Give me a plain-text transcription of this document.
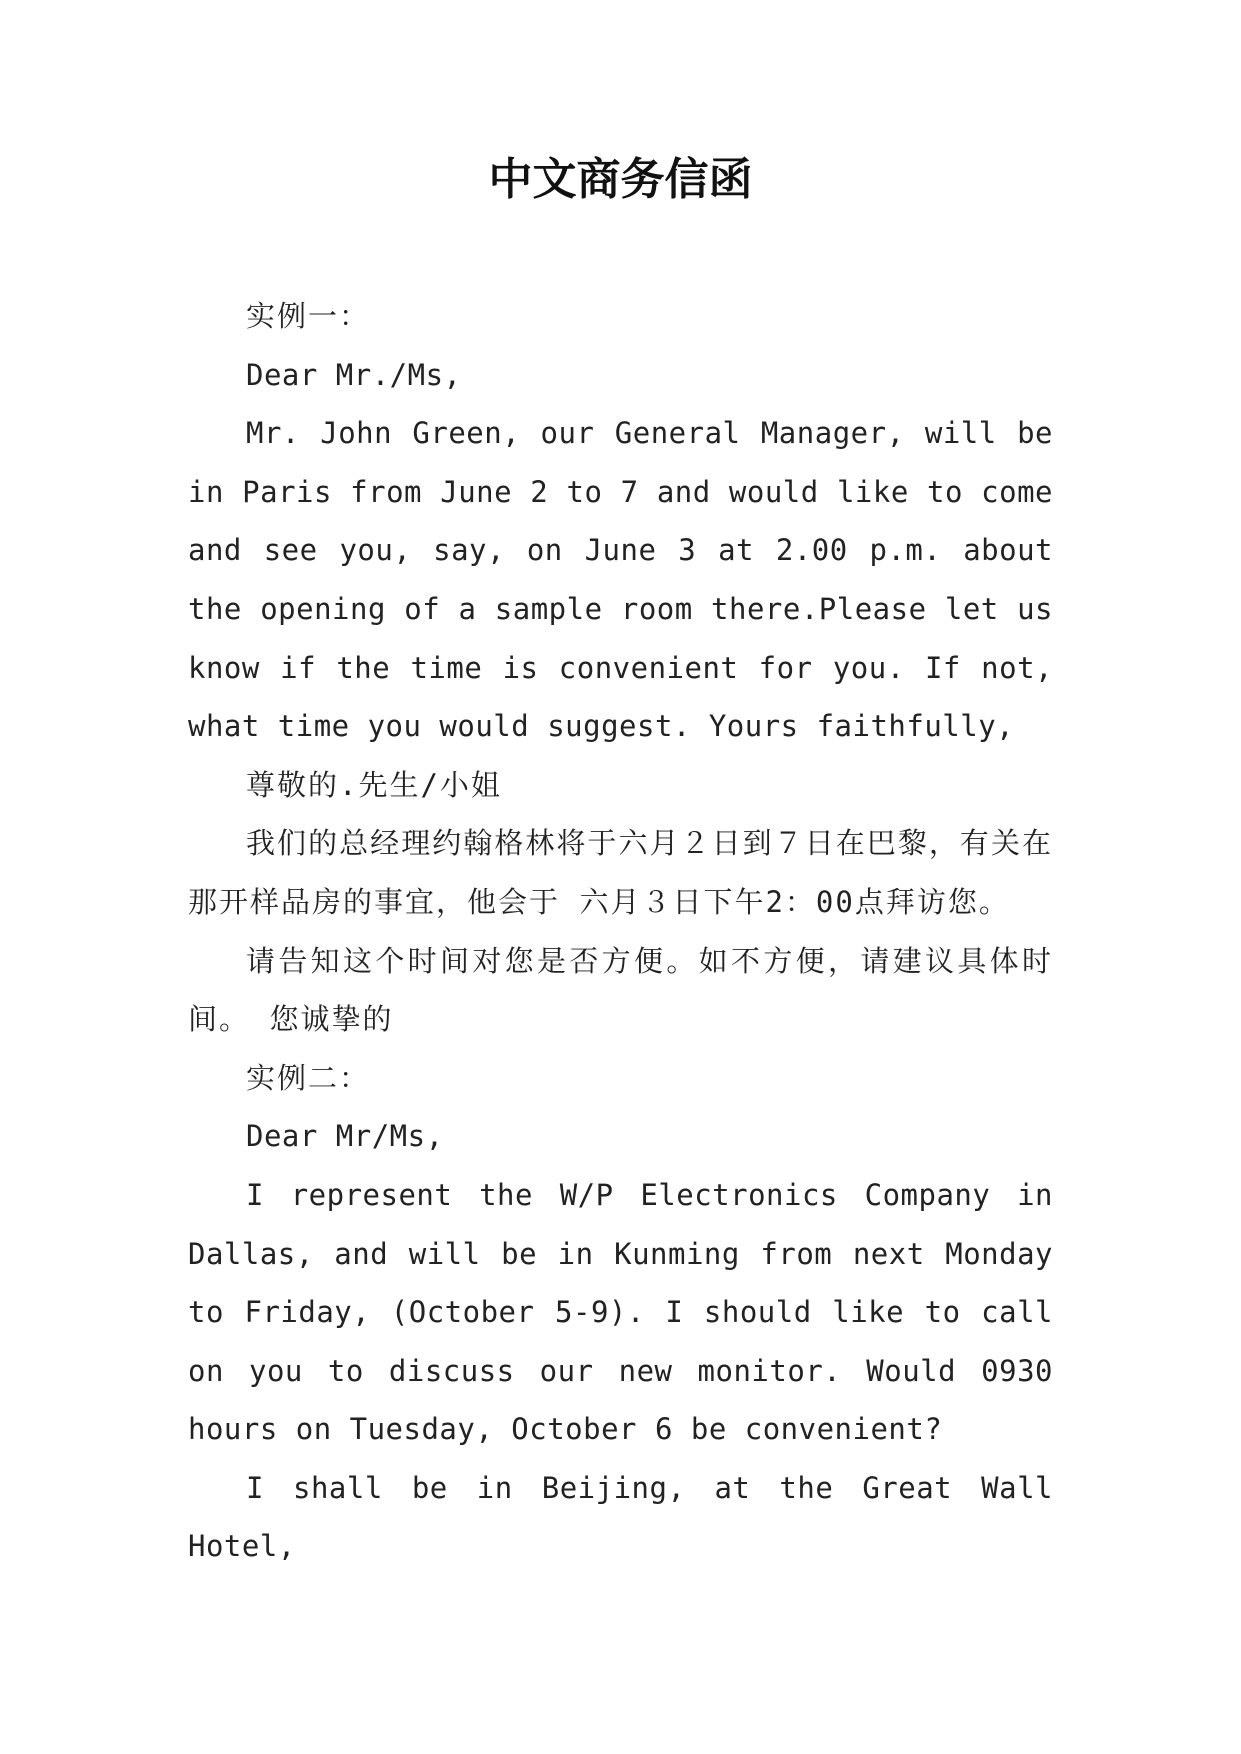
中文商务信函

实例一：

Dear Mr./Ms,

Mr. John Green, our General Manager, will be in Paris from June 2 to 7 and would like to come and see you, say, on June 3 at 2.00 p.m. about the opening of a sample room there.Please let us know if the time is convenient for you. If not, what time you would suggest. Yours faithfully,

尊敬的.先生/小姐

我们的总经理约翰格林将于六月２日到７日在巴黎，有关在那开样品房的事宜，他会于 六月３日下午2：00点拜访您。

请告知这个时间对您是否方便。如不方便，请建议具体时间。 您诚挚的

实例二：

Dear Mr/Ms,

I represent the W/P Electronics Company in Dallas, and will be in Kunming from next Monday to Friday, (October 5-9). I should like to call on you to discuss our new monitor. Would 0930 hours on Tuesday, October 6 be convenient?

I shall be in Beijing, at the Great Wall Hotel,
